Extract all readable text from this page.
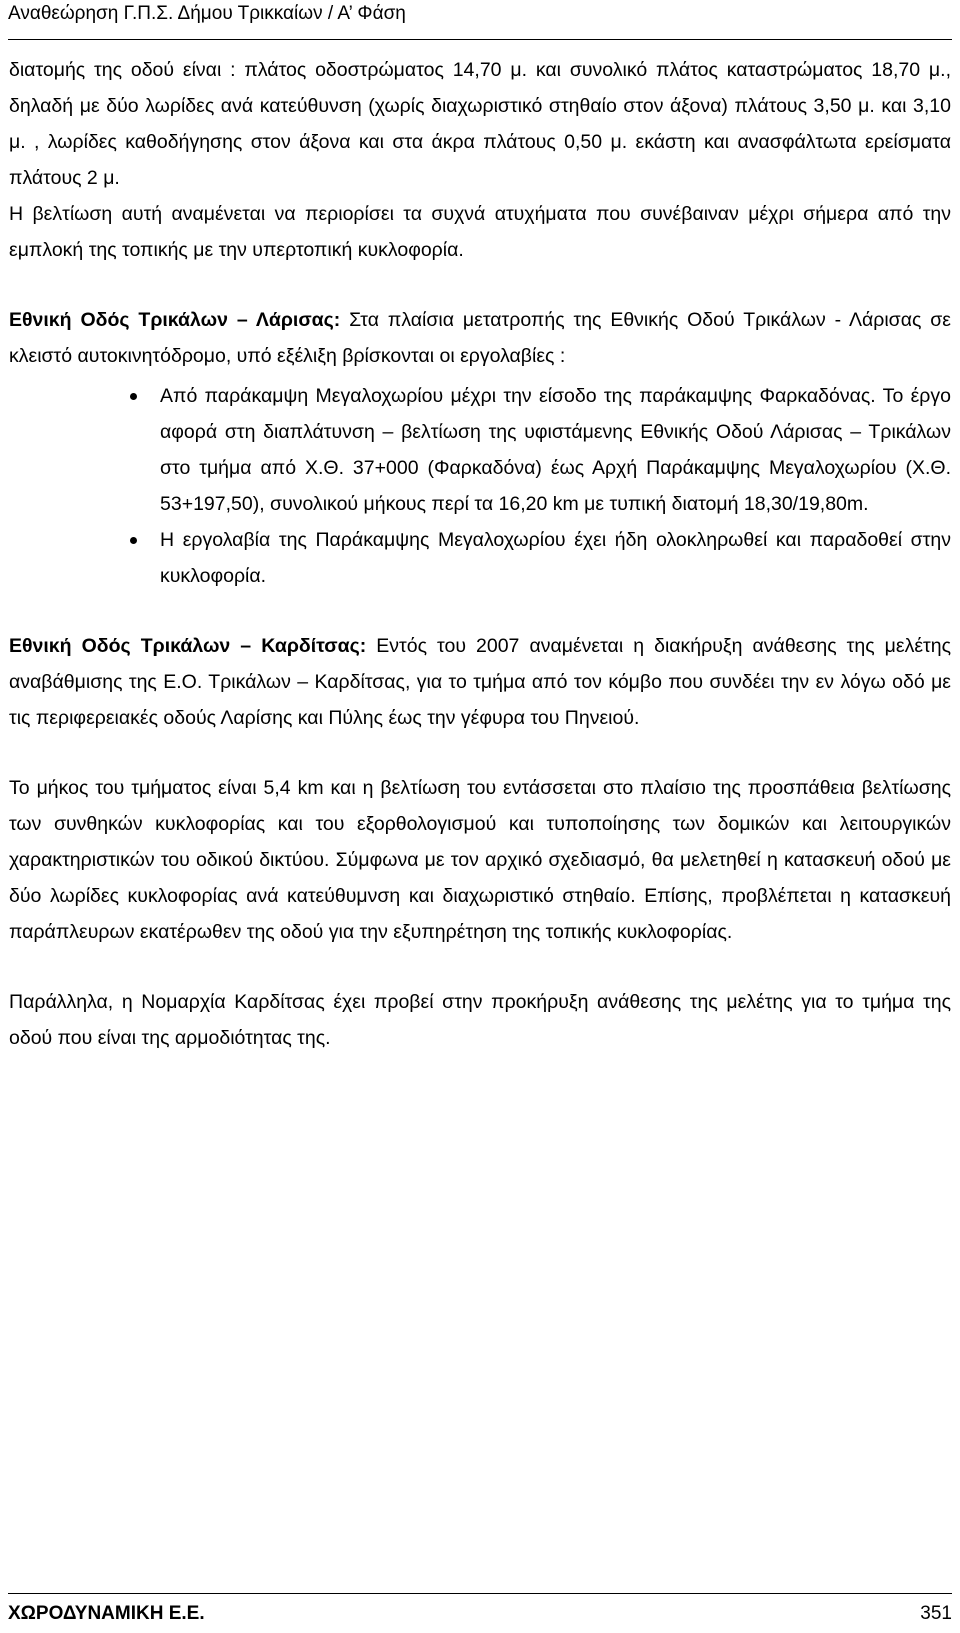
Αναθεώρηση Γ.Π.Σ. Δήμου Τρικκαίων / Α’ Φάση

διατομής της οδού είναι : πλάτος οδοστρώματος 14,70 μ. και συνολικό πλάτος καταστρώματος 18,70 μ., δηλαδή με δύο λωρίδες ανά κατεύθυνση (χωρίς διαχωριστικό στηθαίο στον άξονα) πλάτους 3,50 μ. και 3,10 μ. , λωρίδες καθοδήγησης στον άξονα και στα άκρα πλάτους 0,50 μ. εκάστη και ανασφάλτωτα ερείσματα πλάτους 2 μ.

Η βελτίωση αυτή αναμένεται να περιορίσει τα συχνά ατυχήματα που συνέβαιναν μέχρι σήμερα από την εμπλοκή της τοπικής με την υπερτοπική κυκλοφορία.

Εθνική Οδός Τρικάλων – Λάρισας: Στα πλαίσια μετατροπής της Εθνικής Οδού Τρικάλων - Λάρισας σε κλειστό αυτοκινητόδρομο, υπό εξέλιξη βρίσκονται οι εργολαβίες :

Από παράκαμψη Μεγαλοχωρίου μέχρι την είσοδο της παράκαμψης Φαρκαδόνας. Το έργο αφορά στη διαπλάτυνση – βελτίωση της υφιστάμενης Εθνικής Οδού Λάρισας – Τρικάλων στο τμήμα από Χ.Θ. 37+000 (Φαρκαδόνα) έως Αρχή Παράκαμψης Μεγαλοχωρίου (Χ.Θ. 53+197,50), συνολικού μήκους περί τα 16,20 km με τυπική διατομή 18,30/19,80m.
Η εργολαβία της Παράκαμψης Μεγαλοχωρίου έχει ήδη ολοκληρωθεί και παραδοθεί στην κυκλοφορία.

Εθνική Οδός Τρικάλων – Καρδίτσας: Εντός του 2007 αναμένεται η διακήρυξη ανάθεσης της μελέτης αναβάθμισης της Ε.Ο. Τρικάλων – Καρδίτσας, για το τμήμα από τον κόμβο που συνδέει την εν λόγω οδό με τις περιφερειακές οδούς Λαρίσης και Πύλης έως την γέφυρα του Πηνειού.

Το μήκος του τμήματος είναι 5,4 km και η βελτίωση του εντάσσεται στο πλαίσιο της προσπάθεια βελτίωσης των συνθηκών κυκλοφορίας και του εξορθολογισμού και τυποποίησης των δομικών και λειτουργικών χαρακτηριστικών του οδικού δικτύου. Σύμφωνα με τον αρχικό σχεδιασμό, θα μελετηθεί η κατασκευή οδού με δύο λωρίδες κυκλοφορίας ανά κατεύθυμνση και διαχωριστικό στηθαίο. Επίσης, προβλέπεται η κατασκευή παράπλευρων εκατέρωθεν της οδού για την εξυπηρέτηση της τοπικής κυκλοφορίας.

Παράλληλα, η Νομαρχία Καρδίτσας έχει προβεί στην προκήρυξη ανάθεσης της μελέτης για το τμήμα της οδού που είναι της αρμοδιότητας της.

ΧΩΡΟΔΥΝΑΜΙΚΗ Ε.Ε.	351
